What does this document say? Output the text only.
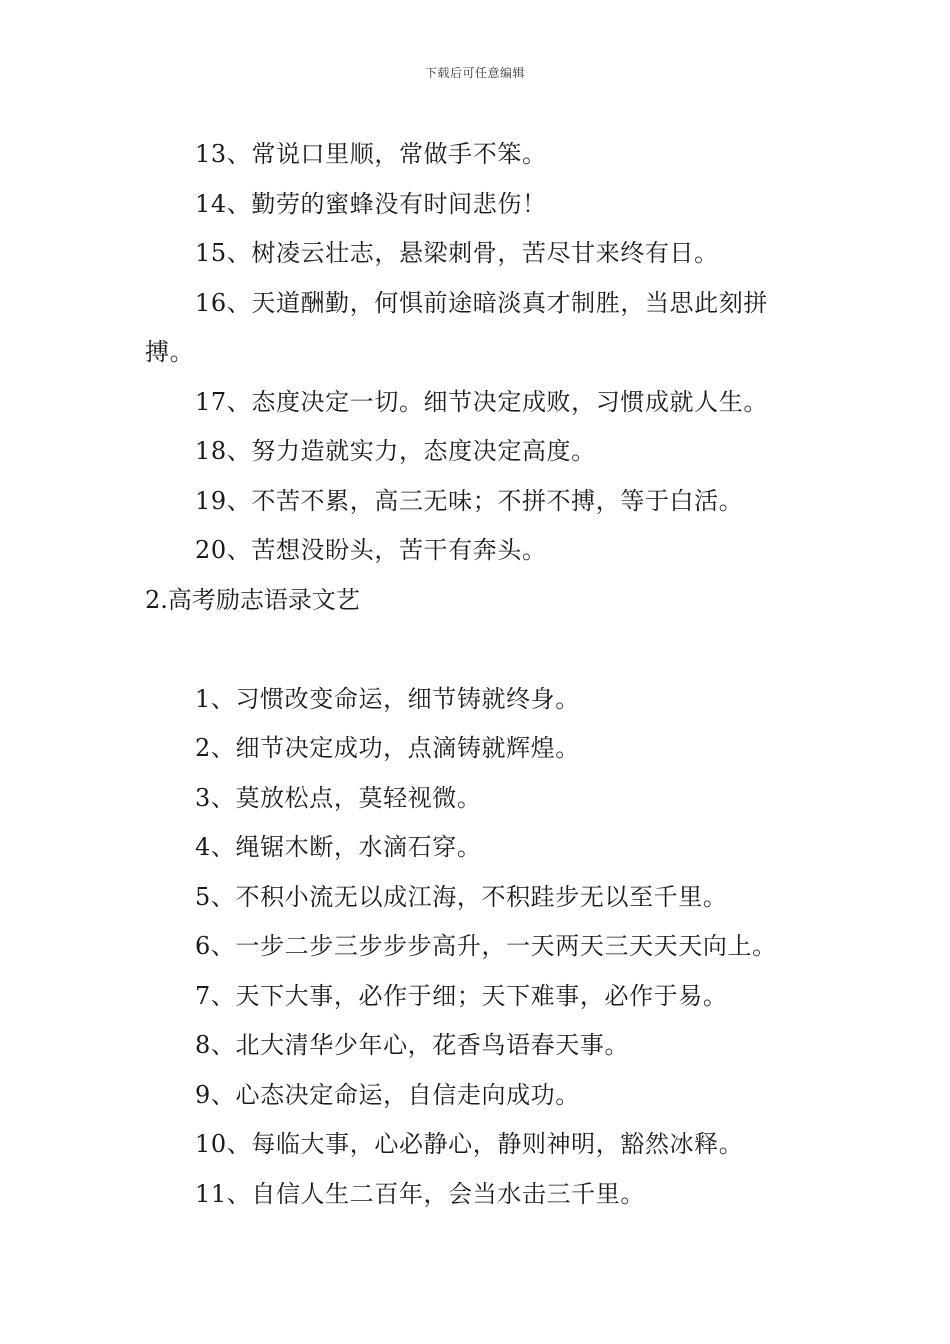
下载后可任意编辑
13、常说口里顺，常做手不笨。
14、勤劳的蜜蜂没有时间悲伤！
15、树凌云壮志，悬梁刺骨，苦尽甘来终有日。
16、天道酬勤，何惧前途暗淡真才制胜，当思此刻拼搏。
17、态度决定一切。细节决定成败，习惯成就人生。
18、努力造就实力，态度决定高度。
19、不苦不累，高三无味；不拼不搏，等于白活。
20、苦想没盼头，苦干有奔头。
2.高考励志语录文艺
1、习惯改变命运，细节铸就终身。
2、细节决定成功，点滴铸就辉煌。
3、莫放松点，莫轻视微。
4、绳锯木断，水滴石穿。
5、不积小流无以成江海，不积跬步无以至千里。
6、一步二步三步步步高升，一天两天三天天天向上。
7、天下大事，必作于细；天下难事，必作于易。
8、北大清华少年心，花香鸟语春天事。
9、心态决定命运，自信走向成功。
10、每临大事，心必静心，静则神明，豁然冰释。
11、自信人生二百年，会当水击三千里。
